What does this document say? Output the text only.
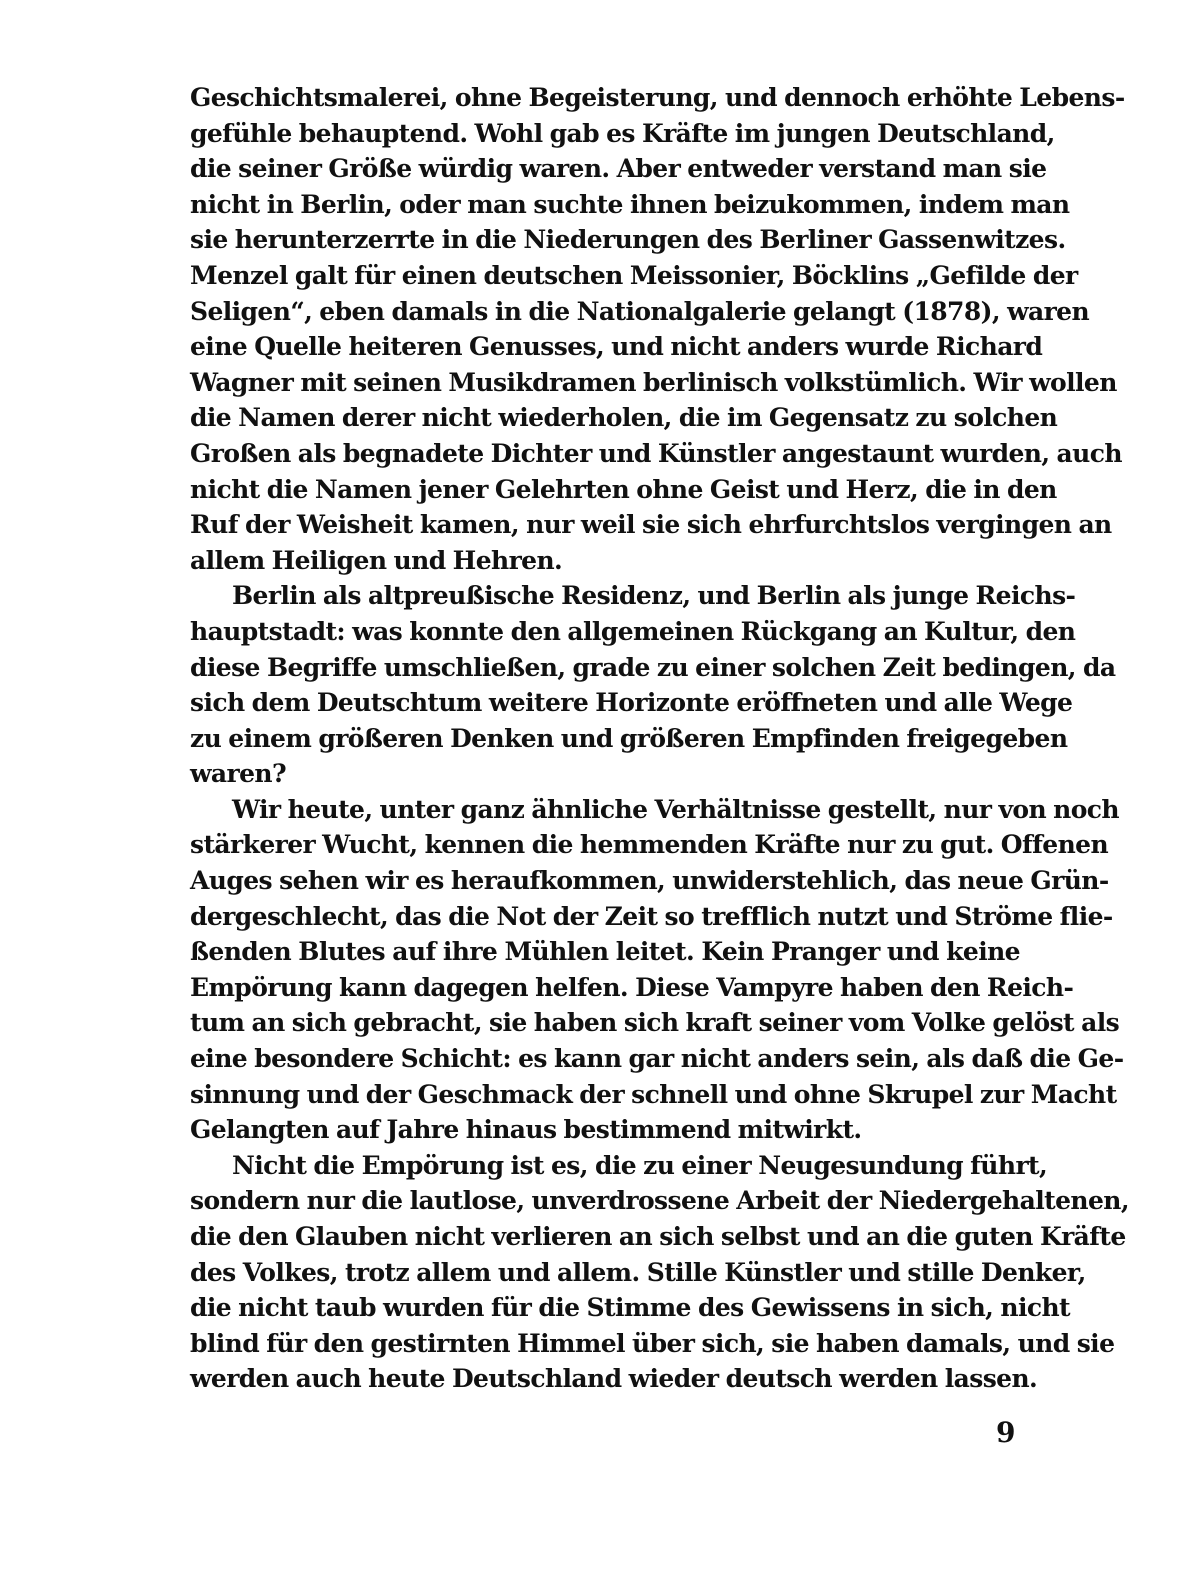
Geschichtsmalerei, ohne Begeisterung, und dennoch erhöhte Lebens-
gefühle behauptend. Wohl gab es Kräfte im jungen Deutschland,
die seiner Größe würdig waren. Aber entweder verstand man sie
nicht in Berlin, oder man suchte ihnen beizukommen, indem man
sie herunterzerrte in die Niederungen des Berliner Gassenwitzes.
Menzel galt für einen deutschen Meissonier, Böcklins „Gefilde der
Seligen“, eben damals in die Nationalgalerie gelangt (1878), waren
eine Quelle heiteren Genusses, und nicht anders wurde Richard
Wagner mit seinen Musikdramen berlinisch volkstümlich. Wir wollen
die Namen derer nicht wiederholen, die im Gegensatz zu solchen
Großen als begnadete Dichter und Künstler angestaunt wurden, auch
nicht die Namen jener Gelehrten ohne Geist und Herz, die in den
Ruf der Weisheit kamen, nur weil sie sich ehrfurchtslos vergingen an
allem Heiligen und Hehren.
Berlin als altpreußische Residenz, und Berlin als junge Reichs-
hauptstadt: was konnte den allgemeinen Rückgang an Kultur, den
diese Begriffe umschließen, grade zu einer solchen Zeit bedingen, da
sich dem Deutschtum weitere Horizonte eröffneten und alle Wege
zu einem größeren Denken und größeren Empfinden freigegeben
waren?
Wir heute, unter ganz ähnliche Verhältnisse gestellt, nur von noch
stärkerer Wucht, kennen die hemmenden Kräfte nur zu gut. Offenen
Auges sehen wir es heraufkommen, unwiderstehlich, das neue Grün-
dergeschlecht, das die Not der Zeit so trefflich nutzt und Ströme flie-
ßenden Blutes auf ihre Mühlen leitet. Kein Pranger und keine
Empörung kann dagegen helfen. Diese Vampyre haben den Reich-
tum an sich gebracht, sie haben sich kraft seiner vom Volke gelöst als
eine besondere Schicht: es kann gar nicht anders sein, als daß die Ge-
sinnung und der Geschmack der schnell und ohne Skrupel zur Macht
Gelangten auf Jahre hinaus bestimmend mitwirkt.
Nicht die Empörung ist es, die zu einer Neugesundung führt,
sondern nur die lautlose, unverdrossene Arbeit der Niedergehaltenen,
die den Glauben nicht verlieren an sich selbst und an die guten Kräfte
des Volkes, trotz allem und allem. Stille Künstler und stille Denker,
die nicht taub wurden für die Stimme des Gewissens in sich, nicht
blind für den gestirnten Himmel über sich, sie haben damals, und sie
werden auch heute Deutschland wieder deutsch werden lassen.
9
